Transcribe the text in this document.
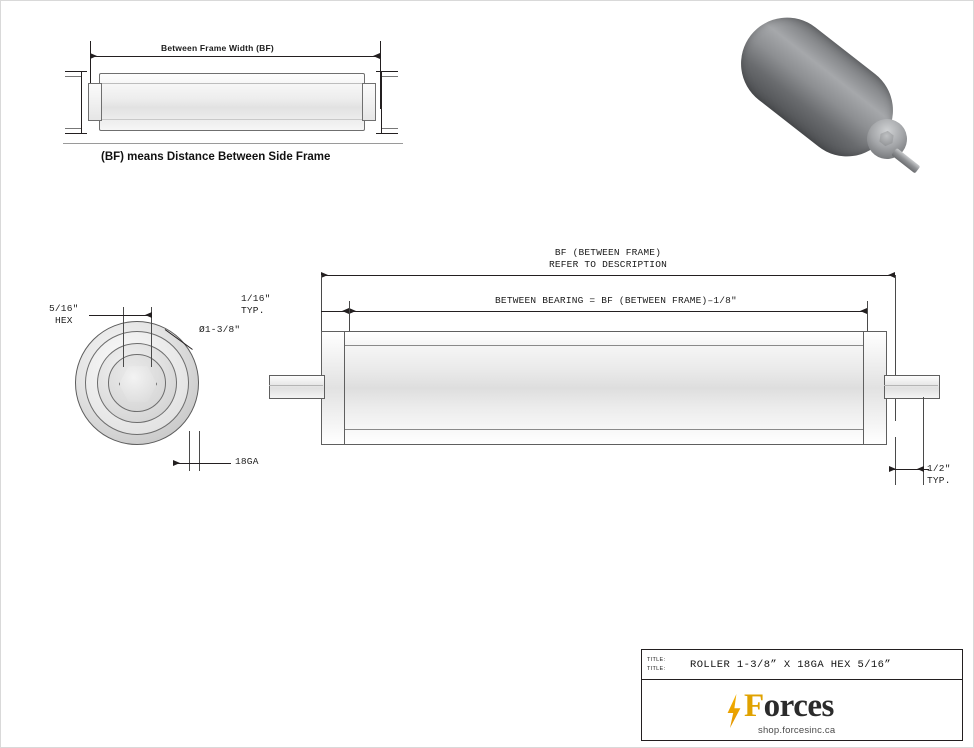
Between Frame Width (BF)
(BF) means Distance Between Side Frame
5/16"
HEX
Ø1-3/8"
18GA
BF (BETWEEN FRAME)
REFER TO DESCRIPTION
BETWEEN BEARING = BF (BETWEEN FRAME)–1/8"
1/16"
TYP.
1/2"
TYP.
TITLE:
TITLE: ROLLER 1-3/8” X 18GA HEX 5/16”
Forces
shop.forcesinc.ca
